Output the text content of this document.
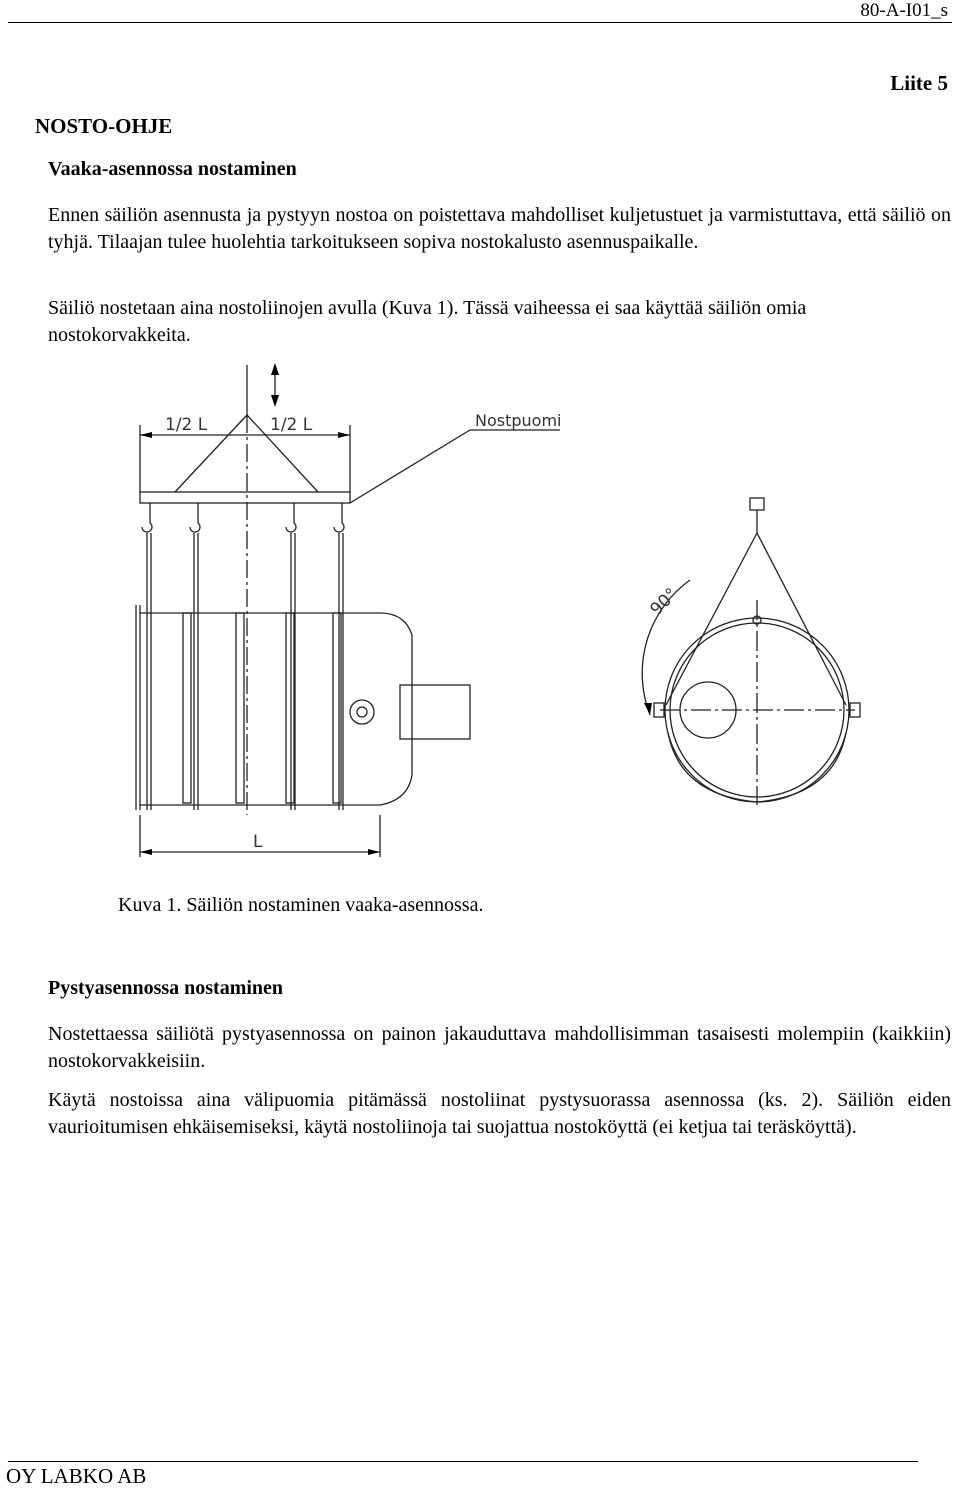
80-A-I01_s
Liite 5
NOSTO-OHJE
Vaaka-asennossa nostaminen
Ennen säiliön asennusta ja pystyyn nostoa on poistettava mahdolliset kuljetustuet ja varmistuttava, että säiliö on tyhjä. Tilaajan tulee huolehtia tarkoitukseen sopiva nostokalusto asennuspaikalle.
Säiliö nostetaan aina nostoliinojen avulla (Kuva 1). Tässä vaiheessa ei saa käyttää säiliön omia nostokorvakkeita.
1/2 L	1/2 L	Nostpuomi
90°
L
Kuva 1. Säiliön nostaminen vaaka-asennossa.
Pystyasennossa nostaminen
Nostettaessa säiliötä pystyasennossa on painon jakauduttava mahdollisimman tasaisesti molempiin (kaikkiin) nostokorvakkeisiin.
Käytä nostoissa aina välipuomia pitämässä nostoliinat pystysuorassa asennossa (ks. 2). Säiliön eiden vaurioitumisen ehkäisemiseksi, käytä nostoliinoja tai suojattua nostoköyttä (ei ketjua tai teräsköyttä).
OY LABKO AB
